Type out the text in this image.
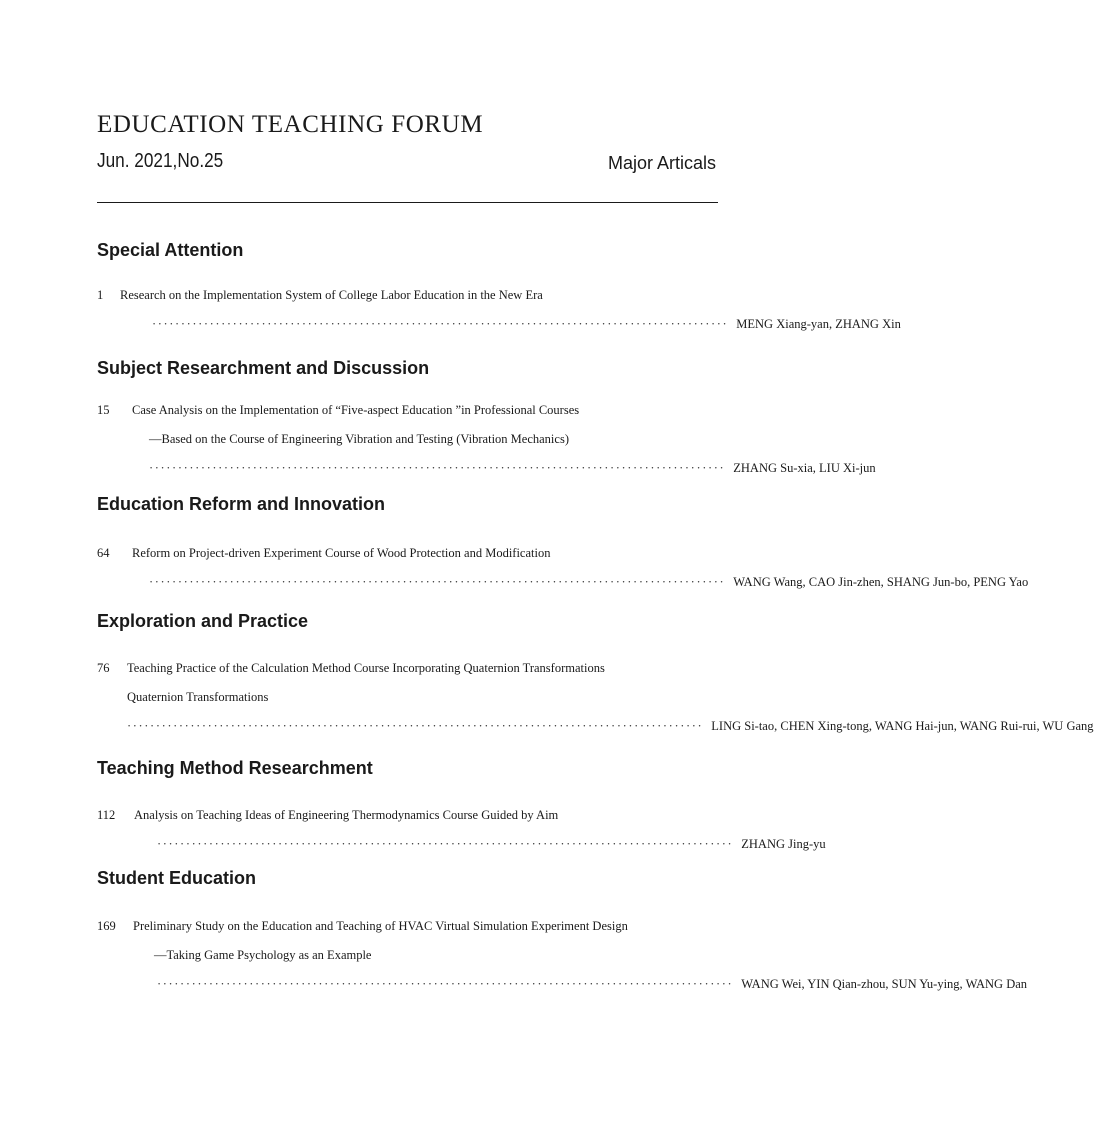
EDUCATION TEACHING FORUM
Jun. 2021,No.25	Major Articals
Special Attention
1	Research on the Implementation System of College Labor Education in the New Era
···································································································· MENG Xiang-yan, ZHANG Xin
Subject Researchment and Discussion
15	Case Analysis on the Implementation of “Five-aspect Education ”in Professional Courses
—Based on the Course of Engineering Vibration and Testing (Vibration Mechanics)
···································································································· ZHANG Su-xia, LIU Xi-jun
Education Reform and Innovation
64	Reform on Project-driven Experiment Course of Wood Protection and Modification
···································································································· WANG Wang, CAO Jin-zhen, SHANG Jun-bo, PENG Yao
Exploration and Practice
76	Teaching Practice of the Calculation Method Course Incorporating Quaternion Transformations
Quaternion Transformations
···································································································· LING Si-tao, CHEN Xing-tong, WANG Hai-jun, WANG Rui-rui, WU Gang
Teaching Method Researchment
112	Analysis on Teaching Ideas of Engineering Thermodynamics Course Guided by Aim
···································································································· ZHANG Jing-yu
Student Education
169	Preliminary Study on the Education and Teaching of HVAC Virtual Simulation Experiment Design
—Taking Game Psychology as an Example
···································································································· WANG Wei, YIN Qian-zhou, SUN Yu-ying, WANG Dan
